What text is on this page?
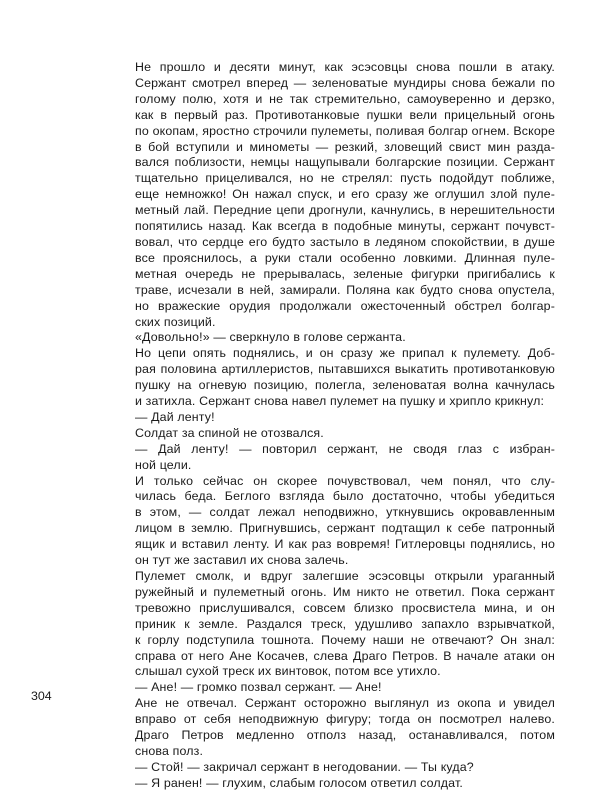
Не прошло и десяти минут, как эсэсовцы снова пошли в атаку.
Сержант смотрел вперед — зеленоватые мундиры снова бежали по
голому полю, хотя и не так стремительно, самоуверенно и дерзко,
как в первый раз. Противотанковые пушки вели прицельный огонь
по окопам, яростно строчили пулеметы, поливая болгар огнем. Вскоре
в бой вступили и минометы — резкий, зловещий свист мин разда-
вался поблизости, немцы нащупывали болгарские позиции. Сержант
тщательно прицеливался, но не стрелял: пусть подойдут поближе,
еще немножко! Он нажал спуск, и его сразу же оглушил злой пуле-
метный лай. Передние цепи дрогнули, качнулись, в нерешительности
попятились назад. Как всегда в подобные минуты, сержант почувст-
вовал, что сердце его будто застыло в ледяном спокойствии, в душе
все прояснилось, а руки стали особенно ловкими. Длинная пуле-
метная очередь не прерывалась, зеленые фигурки пригибались к
траве, исчезали в ней, замирали. Поляна как будто снова опустела,
но вражеские орудия продолжали ожесточенный обстрел болгар-
ских позиций.

«Довольно!» — сверкнуло в голове сержанта.

Но цепи опять поднялись, и он сразу же припал к пулемету. Доб-
рая половина артиллеристов, пытавшихся выкатить противотанковую
пушку на огневую позицию, полегла, зеленоватая волна качнулась
и затихла. Сержант снова навел пулемет на пушку и хрипло крикнул:

— Дай ленту!

Солдат за спиной не отозвался.

— Дай ленту! — повторил сержант, не сводя глаз с избран-
ной цели.

И только сейчас он скорее почувствовал, чем понял, что слу-
чилась беда. Беглого взгляда было достаточно, чтобы убедиться
в этом, — солдат лежал неподвижно, уткнувшись окровавленным
лицом в землю. Пригнувшись, сержант подтащил к себе патронный
ящик и вставил ленту. И как раз вовремя! Гитлеровцы поднялись, но
он тут же заставил их снова залечь.

Пулемет смолк, и вдруг залегшие эсэсовцы открыли ураганный
ружейный и пулеметный огонь. Им никто не ответил. Пока сержант
тревожно прислушивался, совсем близко просвистела мина, и он
приник к земле. Раздался треск, удушливо запахло взрывчаткой,
к горлу подступила тошнота. Почему наши не отвечают? Он знал:
справа от него Ане Косачев, слева Драго Петров. В начале атаки он
слышал сухой треск их винтовок, потом все утихло.

— Ане! — громко позвал сержант. — Ане!

Ане не отвечал. Сержант осторожно выглянул из окопа и увидел
вправо от себя неподвижную фигуру; тогда он посмотрел налево.
Драго Петров медленно отполз назад, останавливался, потом
снова полз.

— Стой! — закричал сержант в негодовании. — Ты куда?

— Я ранен! — глухим, слабым голосом ответил солдат.

304
